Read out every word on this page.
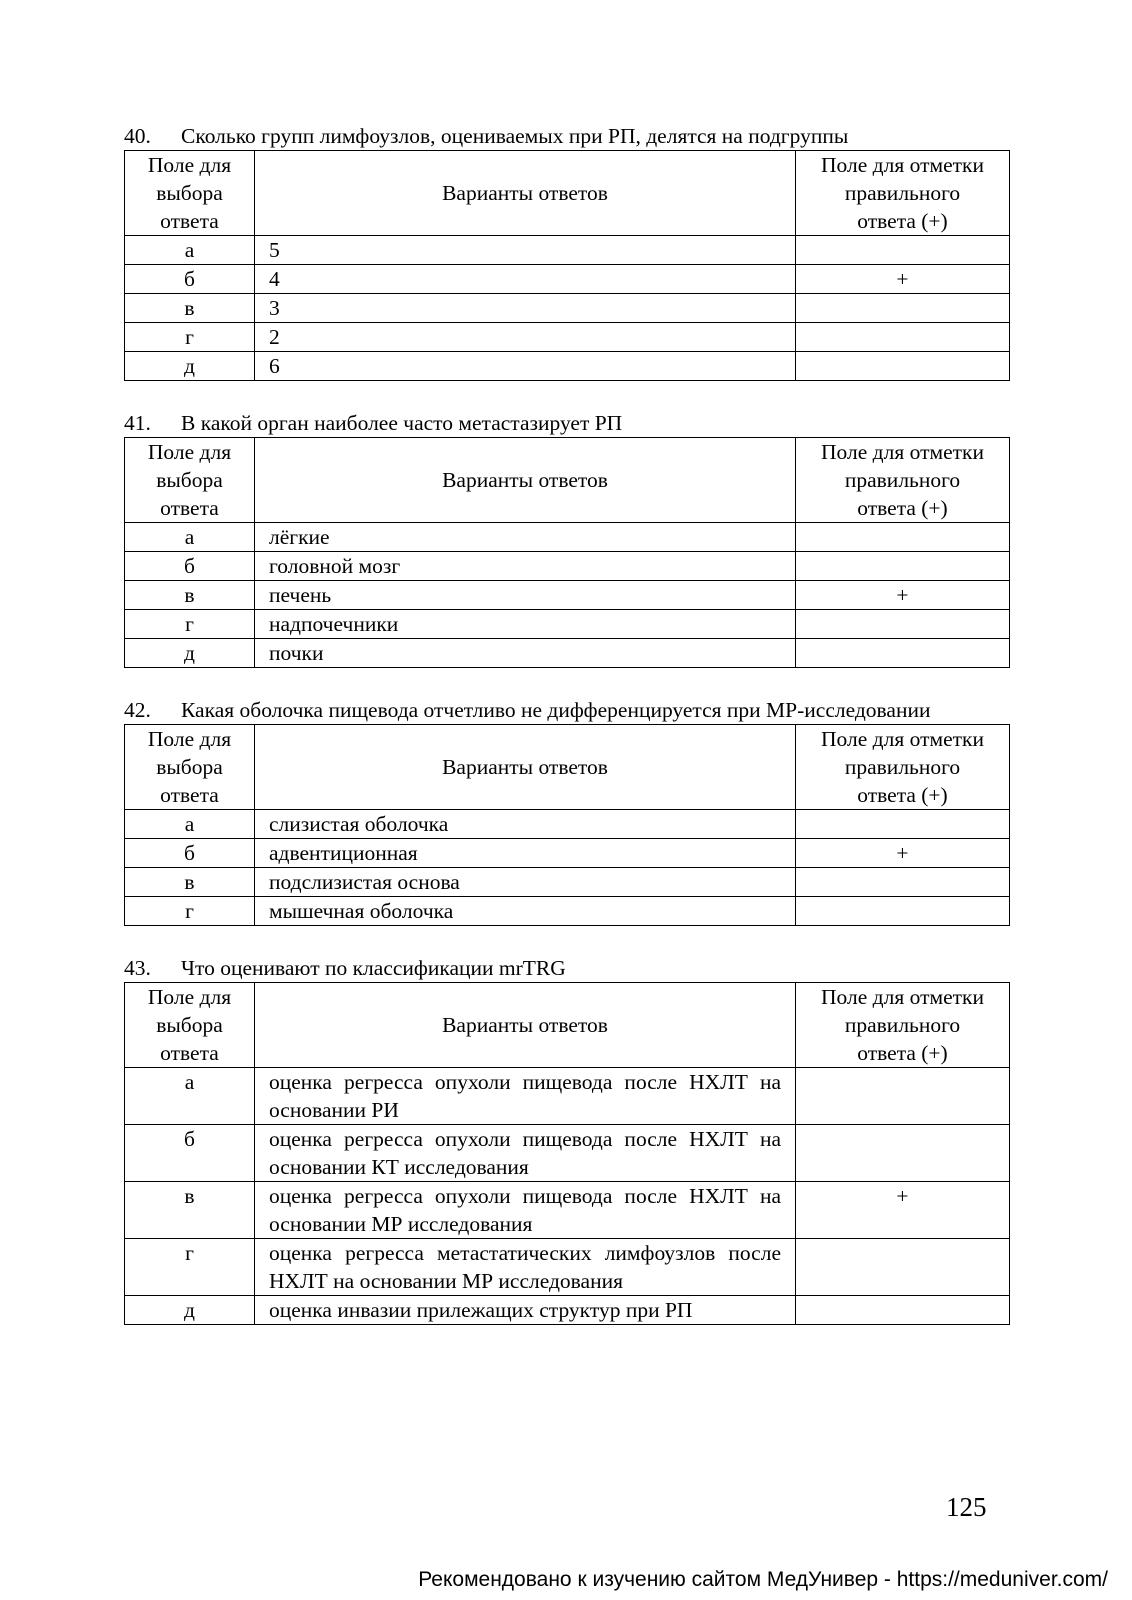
40. Сколько групп лимфоузлов, оцениваемых при РП, делятся на подгруппы
Поле для
выбора
ответа	Варианты ответов	Поле для отметки
правильного
ответа (+)
а	5	
б	4	+
в	3	
г	2	
д	6	
41. В какой орган наиболее часто метастазирует РП
Поле для
выбора
ответа	Варианты ответов	Поле для отметки
правильного
ответа (+)
а	лёгкие	
б	головной мозг	
в	печень	+
г	надпочечники	
д	почки	
42. Какая оболочка пищевода отчетливо не дифференцируется при МР-исследовании
Поле для
выбора
ответа	Варианты ответов	Поле для отметки
правильного
ответа (+)
а	слизистая оболочка	
б	адвентиционная	+
в	подслизистая основа	
г	мышечная оболочка	
43. Что оценивают по классификации mrTRG
Поле для
выбора
ответа	Варианты ответов	Поле для отметки
правильного
ответа (+)
а	оценка регресса опухоли пищевода после НХЛТ на основании РИ	
б	оценка регресса опухоли пищевода после НХЛТ на основании КТ исследования	
в	оценка регресса опухоли пищевода после НХЛТ на основании МР исследования	+
г	оценка регресса метастатических лимфоузлов после НХЛТ на основании МР исследования	
д	оценка инвазии прилежащих структур при РП	
125
Рекомендовано к изучению сайтом МедУнивер - https://meduniver.com/
